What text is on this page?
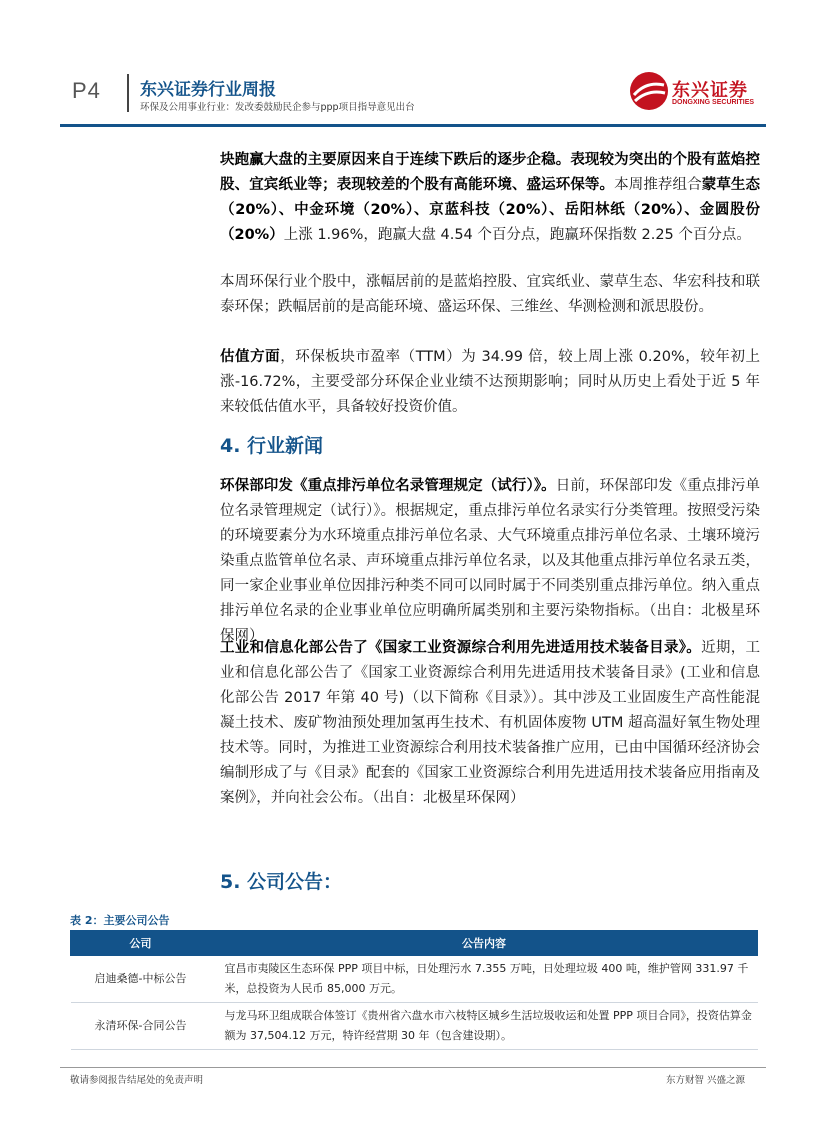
P4 东兴证券行业周报
环保及公用事业行业：发改委鼓励民企参与ppp项目指导意见出台
东兴证券
DONGXING SECURITIES
块跑赢大盘的主要原因来自于连续下跌后的逐步企稳。表现较为突出的个股有蓝焰控股、宜宾纸业等；表现较差的个股有高能环境、盛运环保等。本周推荐组合蒙草生态（20%）、中金环境（20%）、京蓝科技（20%）、岳阳林纸（20%）、金圆股份（20%）上涨 1.96%，跑赢大盘 4.54 个百分点，跑赢环保指数 2.25 个百分点。
本周环保行业个股中，涨幅居前的是蓝焰控股、宜宾纸业、蒙草生态、华宏科技和联泰环保；跌幅居前的是高能环境、盛运环保、三维丝、华测检测和派思股份。
估值方面，环保板块市盈率（TTM）为 34.99 倍，较上周上涨 0.20%，较年初上涨-16.72%，主要受部分环保企业业绩不达预期影响；同时从历史上看处于近 5 年来较低估值水平，具备较好投资价值。
4. 行业新闻
环保部印发《重点排污单位名录管理规定（试行）》。日前，环保部印发《重点排污单位名录管理规定（试行）》。根据规定，重点排污单位名录实行分类管理。按照受污染的环境要素分为水环境重点排污单位名录、大气环境重点排污单位名录、土壤环境污染重点监管单位名录、声环境重点排污单位名录，以及其他重点排污单位名录五类，同一家企业事业单位因排污种类不同可以同时属于不同类别重点排污单位。纳入重点排污单位名录的企业事业单位应明确所属类别和主要污染物指标。（出自：北极星环保网）
工业和信息化部公告了《国家工业资源综合利用先进适用技术装备目录》。近期，工业和信息化部公告了《国家工业资源综合利用先进适用技术装备目录》(工业和信息化部公告 2017 年第 40 号)（以下简称《目录》）。其中涉及工业固废生产高性能混凝土技术、废矿物油预处理加氢再生技术、有机固体废物 UTM 超高温好氧生物处理技术等。同时，为推进工业资源综合利用技术装备推广应用，已由中国循环经济协会编制形成了与《目录》配套的《国家工业资源综合利用先进适用技术装备应用指南及案例》，并向社会公布。（出自：北极星环保网）
5. 公司公告：
表 2：主要公司公告
公司	公告内容
启迪桑德-中标公告	宜昌市夷陵区生态环保 PPP 项目中标，日处理污水 7.355 万吨，日处理垃圾 400 吨，维护管网 331.97 千米，总投资为人民币 85,000 万元。
永清环保-合同公告	与龙马环卫组成联合体签订《贵州省六盘水市六枝特区城乡生活垃圾收运和处置 PPP 项目合同》，投资估算金额为 37,504.12 万元，特许经营期 30 年（包含建设期）。
敬请参阅报告结尾处的免责声明	东方财智 兴盛之源
